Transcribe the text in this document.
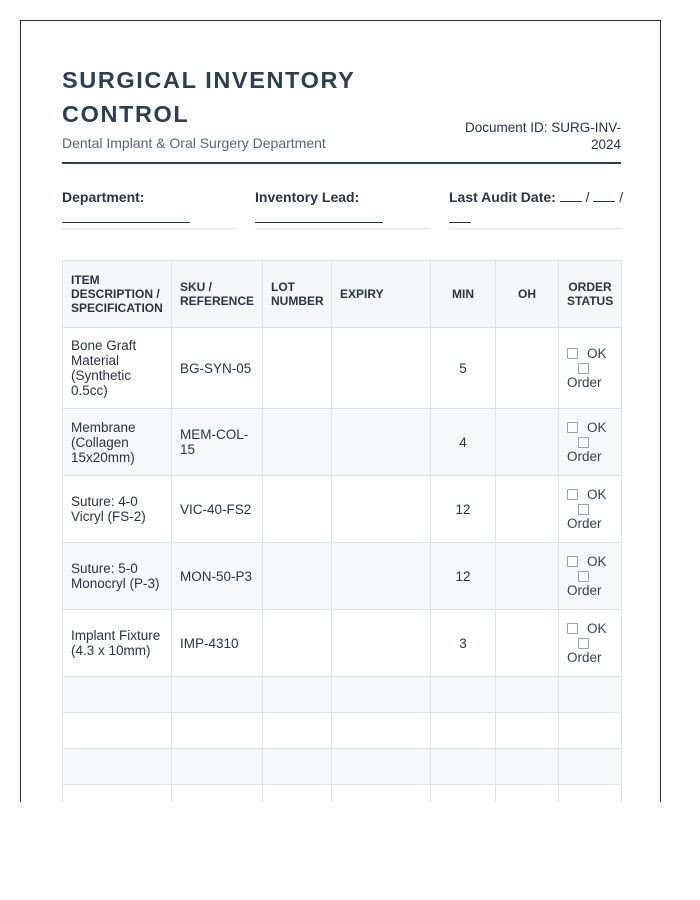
SURGICAL INVENTORY CONTROL
Dental Implant & Oral Surgery Department
Document ID: SURG-INV-2024
Department:	Inventory Lead:	Last Audit Date: / /

ITEM DESCRIPTION / SPECIFICATION	SKU / REFERENCE	LOT NUMBER	EXPIRY	MIN	OH	ORDER STATUS
Bone Graft Material (Synthetic 0.5cc)	BG-SYN-05			5		OK
Order

Membrane (Collagen 15x20mm)	MEM-COL-15			4		OK
Order

Suture: 4-0 Vicryl (FS-2)	VIC-40-FS2			12		OK
Order

Suture: 5-0 Monocryl (P-3)	MON-50-P3			12		OK
Order

Implant Fixture (4.3 x 10mm)	IMP-4310			3		OK
Order
